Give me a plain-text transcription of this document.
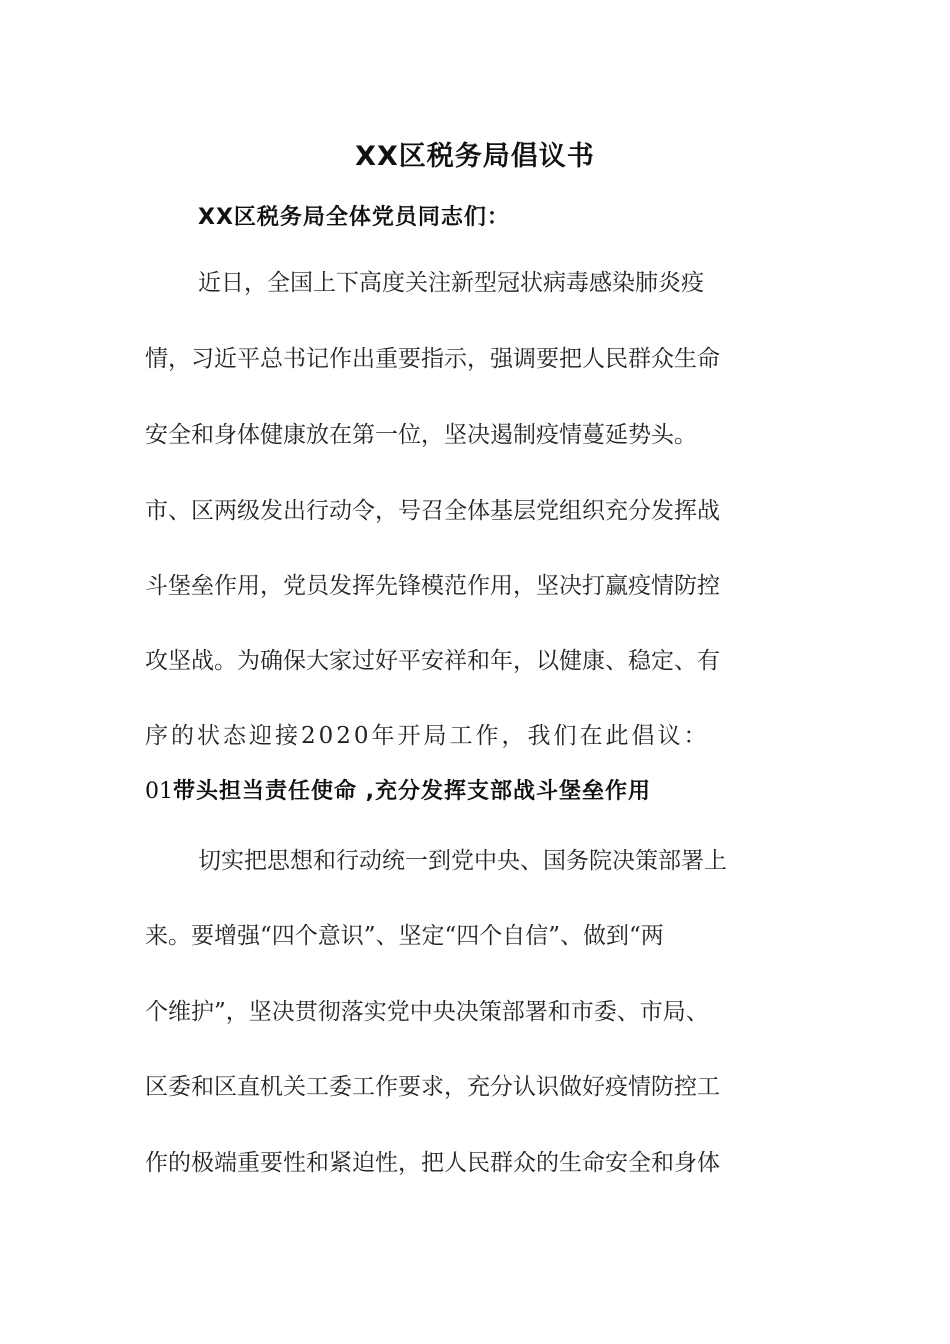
XX区税务局倡议书
XX区税务局全体党员同志们：
近日，全国上下高度关注新型冠状病毒感染肺炎疫
情，习近平总书记作出重要指示，强调要把人民群众生命
安全和身体健康放在第一位，坚决遏制疫情蔓延势头。
市、区两级发出行动令，号召全体基层党组织充分发挥战
斗堡垒作用，党员发挥先锋模范作用，坚决打赢疫情防控
攻坚战。为确保大家过好平安祥和年，以健康、稳定、有
序的状态迎接2020年开局工作，我们在此倡议：
01带头担当责任使命 ,充分发挥支部战斗堡垒作用
切实把思想和行动统一到党中央、国务院决策部署上
来。要增强“四个意识”、坚定“四个自信”、做到“两
个维护”，坚决贯彻落实党中央决策部署和市委、市局、
区委和区直机关工委工作要求，充分认识做好疫情防控工
作的极端重要性和紧迫性，把人民群众的生命安全和身体
